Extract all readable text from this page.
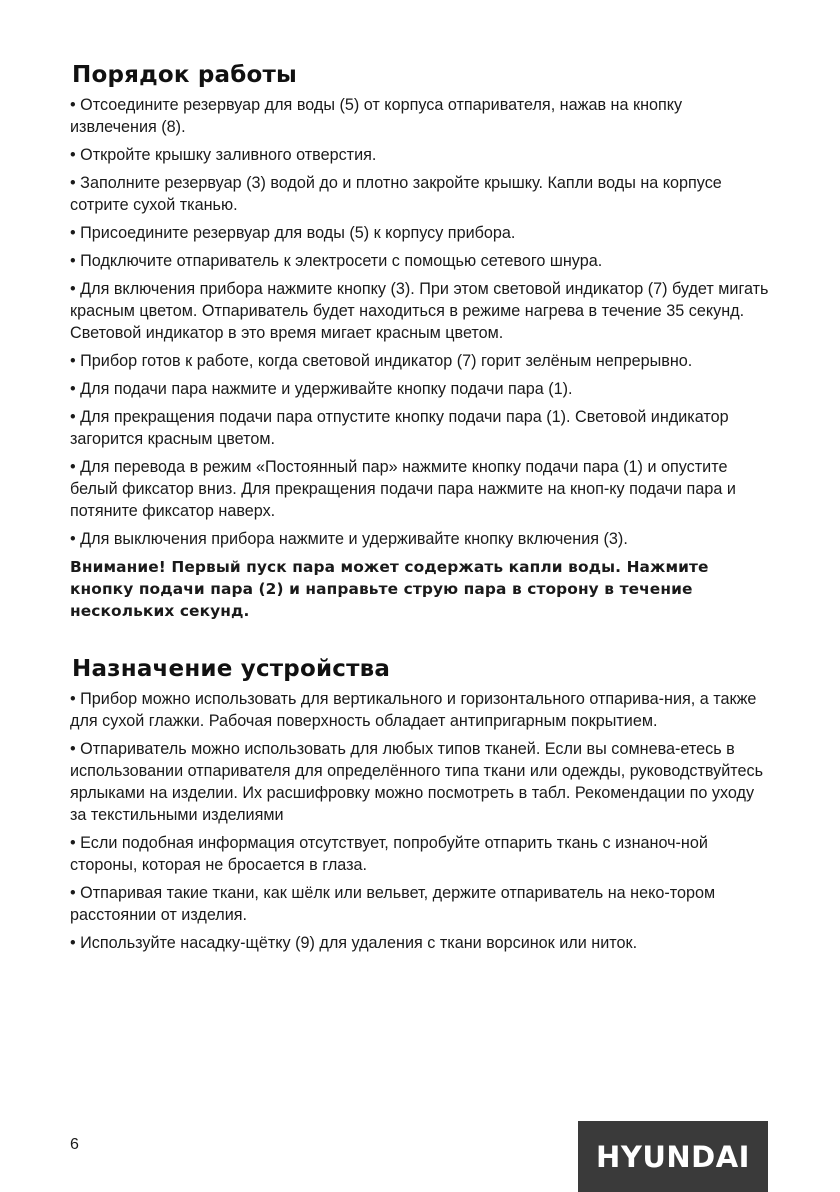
Порядок работы

• Отсоедините резервуар для воды (5) от корпуса отпаривателя, нажав на кнопку извлечения (8).

• Откройте крышку заливного отверстия.

• Заполните резервуар (3) водой до и плотно закройте крышку. Капли воды на корпусе сотрите сухой тканью.

• Присоедините резервуар для воды (5) к корпусу прибора.

• Подключите отпариватель к электросети с помощью сетевого шнура.

• Для включения прибора нажмите кнопку (3). При этом световой индикатор (7) будет мигать красным цветом. Отпариватель будет находиться в режиме нагрева в течение 35 секунд. Световой индикатор в это время мигает красным цветом.

• Прибор готов к работе, когда световой индикатор (7) горит зелёным непрерывно.

• Для подачи пара нажмите и удерживайте кнопку подачи пара (1).

• Для прекращения подачи пара отпустите кнопку подачи пара (1). Световой индикатор загорится красным цветом.

• Для перевода в режим «Постоянный пар» нажмите кнопку подачи пара (1) и опустите белый фиксатор вниз. Для прекращения подачи пара нажмите на кноп-ку подачи пара и потяните фиксатор наверх.

• Для выключения прибора нажмите и удерживайте кнопку включения (3).

Внимание! Первый пуск пара может содержать капли воды. Нажмите кнопку подачи пара (2) и направьте струю пара в сторону в течение нескольких секунд.

Назначение устройства

• Прибор можно использовать для вертикального и горизонтального отпарива-ния, а также для сухой глажки. Рабочая поверхность обладает антипригарным покрытием.

• Отпариватель можно использовать для любых типов тканей. Если вы сомнева-етесь в использовании отпаривателя для определённого типа ткани или одежды, руководствуйтесь ярлыками на изделии. Их расшифровку можно посмотреть в табл. Рекомендации по уходу за текстильными изделиями

• Если подобная информация отсутствует, попробуйте отпарить ткань с изнаноч-ной стороны, которая не бросается в глаза.

• Отпаривая такие ткани, как шёлк или вельвет, держите отпариватель на неко-тором расстоянии от изделия.

• Используйте насадку-щётку (9) для удаления с ткани ворсинок или ниток.

6	HYUNDAI
